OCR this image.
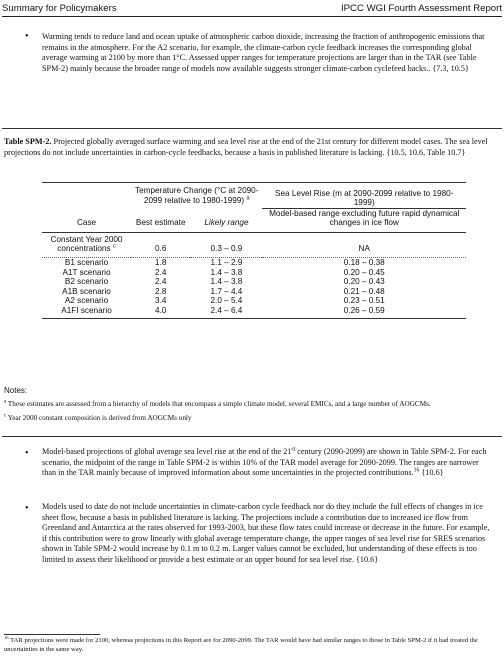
Summary for Policymakers	IPCC WGI Fourth Assessment Report
• Warming tends to reduce land and ocean uptake of atmospheric carbon dioxide, increasing the fraction of anthropogenic emissions that remains in the atmosphere. For the A2 scenario, for example, the climate-carbon cycle feedback increases the corresponding global average warming at 2100 by more than 1°C. Assessed upper ranges for temperature projections are larger than in the TAR (see Table SPM-2) mainly because the broader range of models now available suggests stronger climate-carbon cyclefeed backs.. {7.3, 10.5}
Table SPM-2. Projected globally averaged surface warming and sea level rise at the end of the 21st century for different model cases. The sea level projections do not include uncertainties in carbon-cycle feedbacks, because a basis in published literature is lacking. {10.5, 10.6, Table 10.7}
	Temperature Change (°C at 2090-2099 relative to 1980-1999) $^a$		Sea Level Rise (m at 2090-2099 relative to 1980-1999)
Case	Best estimate	Likely range	Model-based range excluding future rapid dynamical changes in ice flow
Constant Year 2000 concentrations $^c$	0.6	0.3 – 0.9	NA
B1 scenario	1.8	1.1 – 2.9	0.18 – 0.38
A1T scenario	2.4	1.4 – 3.8	0.20 – 0.45
B2 scenario	2.4	1.4 – 3.8	0.20 – 0.43
A1B scenario	2.8	1.7 – 4.4	0.21 – 0.48
A2 scenario	3.4	2.0 – 5.4	0.23 – 0.51
A1FI scenario	4.0	2.4 – 6.4	0.26 – 0.59
Notes:

$^a$ These estimates are assessed from a hierarchy of models that encompass a simple climate model, several EMICs, and a large number of AOGCMs.

$^c$ Year 2000 constant composition is derived from AOGCMs only

• Model-based projections of global average sea level rise at the end of the 21st century (2090-2099) are shown in Table SPM-2. For each scenario, the midpoint of the range in Table SPM-2 is within 10% of the TAR model average for 2090-2099. The ranges are narrower than in the TAR mainly because of improved information about some uncertainties in the projected contributions.$^{16}$ {10.6}
• Models used to date do not include uncertainties in climate-carbon cycle feedback nor do they include the full effects of changes in ice sheet flow, because a basis in published literature is lacking. The projections include a contribution due to increased ice flow from Greenland and Antarctica at the rates observed for 1993-2003, but these flow rates could increase or decrease in the future. For example, if this contribution were to grow linearly with global average temperature change, the upper ranges of sea level rise for SRES scenarios shown in Table SPM-2 would increase by 0.1 m to 0.2 m. Larger values cannot be excluded, but understanding of these effects is too limited to assess their likelihood or provide a best estimate or an upper bound for sea level rise. {10.6}
$^{16}$ TAR projections were made for 2100, whereas projections in this Report are for 2090-2099. The TAR would have had similar ranges to those in Table SPM-2 if it had treated the uncertainties in the same way.
